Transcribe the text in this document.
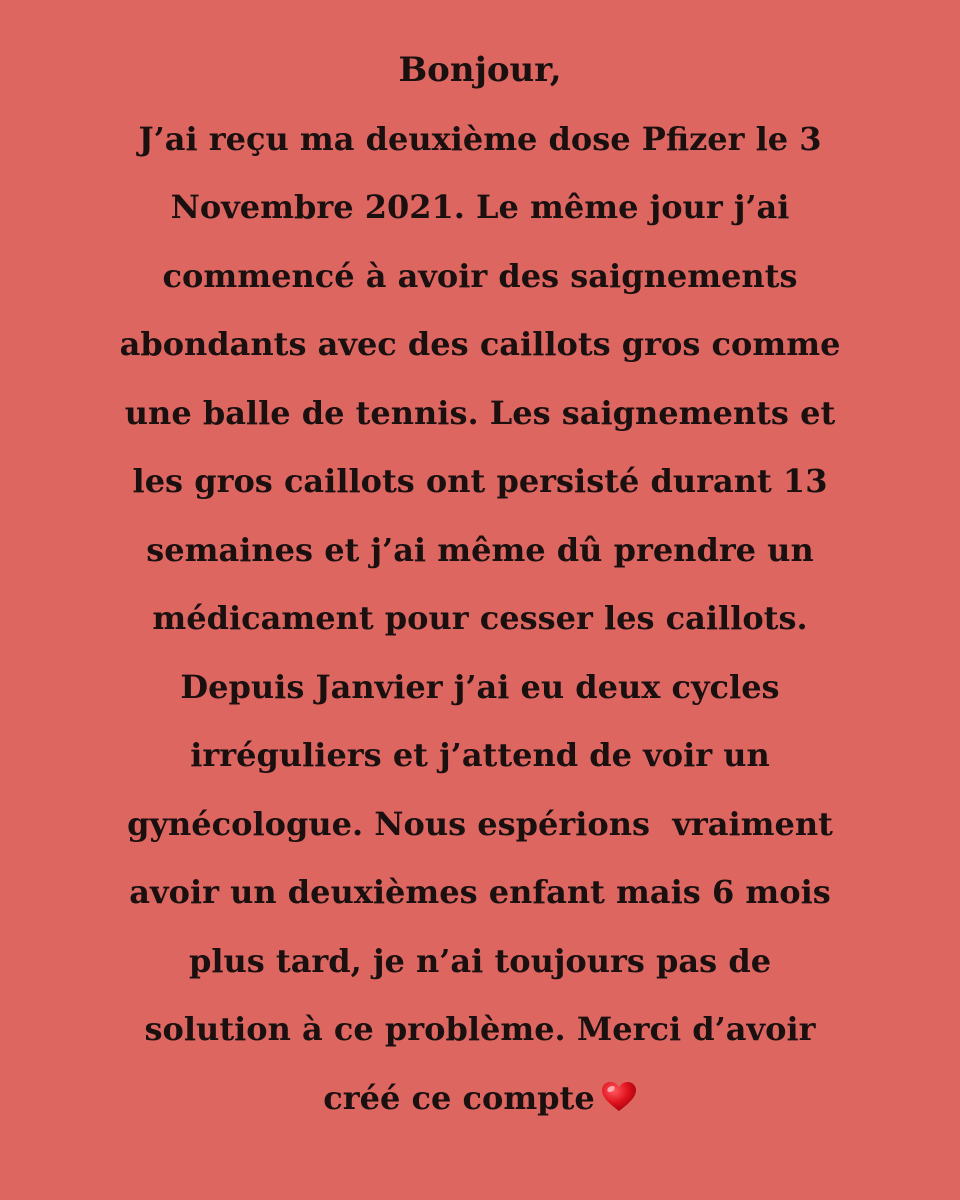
Bonjour,
J’ai reçu ma deuxième dose Pfizer le 3
Novembre 2021. Le même jour j’ai
commencé à avoir des saignements
abondants avec des caillots gros comme
une balle de tennis. Les saignements et
les gros caillots ont persisté durant 13
semaines et j’ai même dû prendre un
médicament pour cesser les caillots.
Depuis Janvier j’ai eu deux cycles
irréguliers et j’attend de voir un
gynécologue. Nous espérions  vraiment
avoir un deuxièmes enfant mais 6 mois
plus tard, je n’ai toujours pas de
solution à ce problème. Merci d’avoir
créé ce compte
